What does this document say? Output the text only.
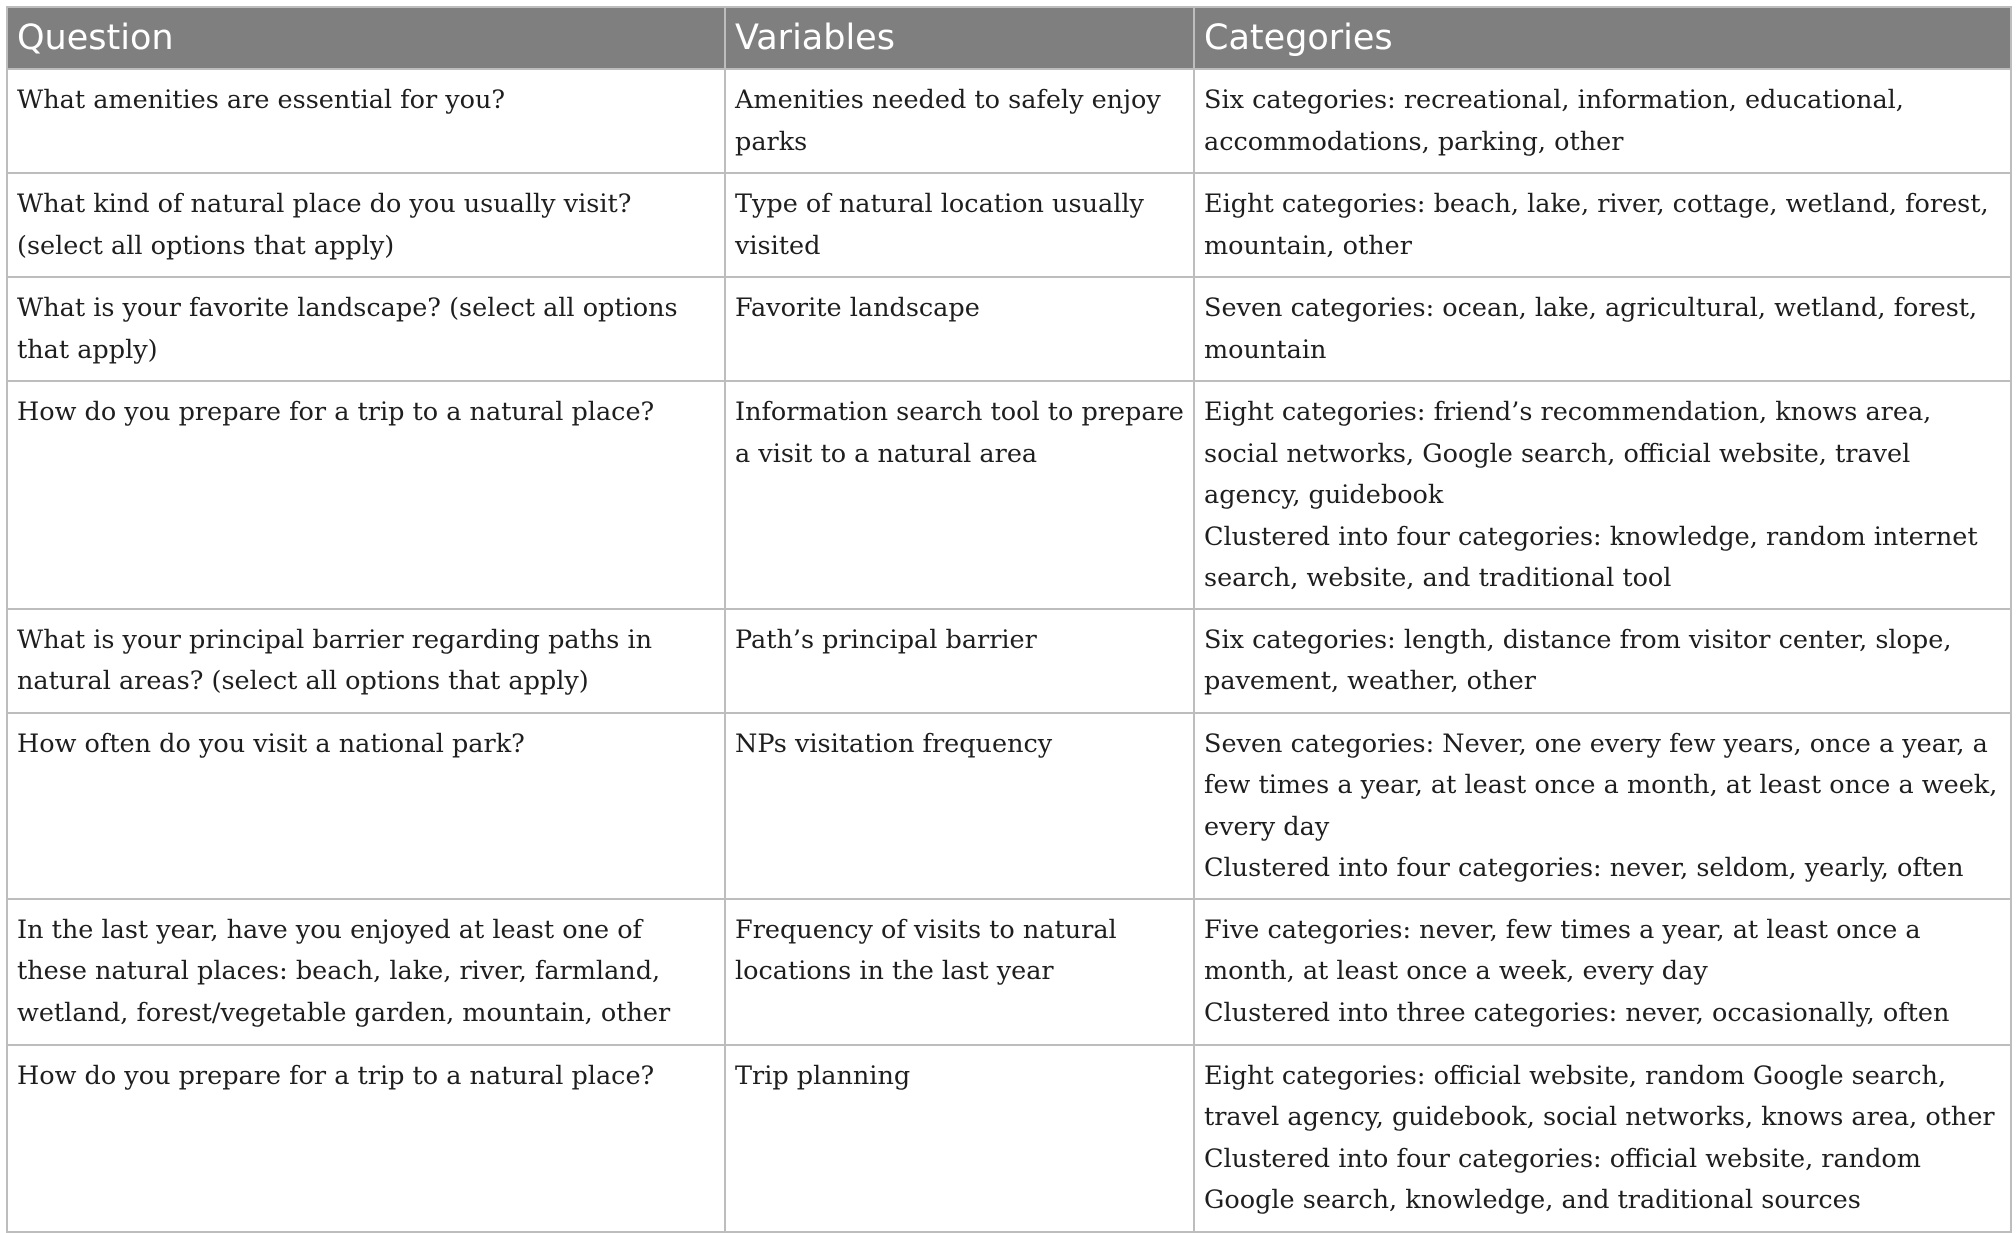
Question	Variables	Categories
What amenities are essential for you?	Amenities needed to safely enjoy parks	Six categories: recreational, information, educational, accommodations, parking, other

What kind of natural place do you usually visit? (select all options that apply)	Type of natural location usually visited	Eight categories: beach, lake, river, cottage, wetland, forest, mountain, other

What is your favorite landscape? (select all options that apply)	Favorite landscape	Seven categories: ocean, lake, agricultural, wetland, forest, mountain

How do you prepare for a trip to a natural place?	Information search tool to prepare a visit to a natural area	Eight categories: friend’s recommendation, knows area, social networks, Google search, official website, travel agency, guidebook
Clustered into four categories: knowledge, random internet search, website, and traditional tool

What is your principal barrier regarding paths in natural areas? (select all options that apply)	Path’s principal barrier	Six categories: length, distance from visitor center, slope, pavement, weather, other

How often do you visit a national park?	NPs visitation frequency	Seven categories: Never, one every few years, once a year, a few times a year, at least once a month, at least once a week, every day
Clustered into four categories: never, seldom, yearly, often

In the last year, have you enjoyed at least one of these natural places: beach, lake, river, farmland, wetland, forest/vegetable garden, mountain, other	Frequency of visits to natural locations in the last year	Five categories: never, few times a year, at least once a month, at least once a week, every day
Clustered into three categories: never, occasionally, often

How do you prepare for a trip to a natural place?	Trip planning	Eight categories: official website, random Google search, travel agency, guidebook, social networks, knows area, other
Clustered into four categories: official website, random Google search, knowledge, and traditional sources
